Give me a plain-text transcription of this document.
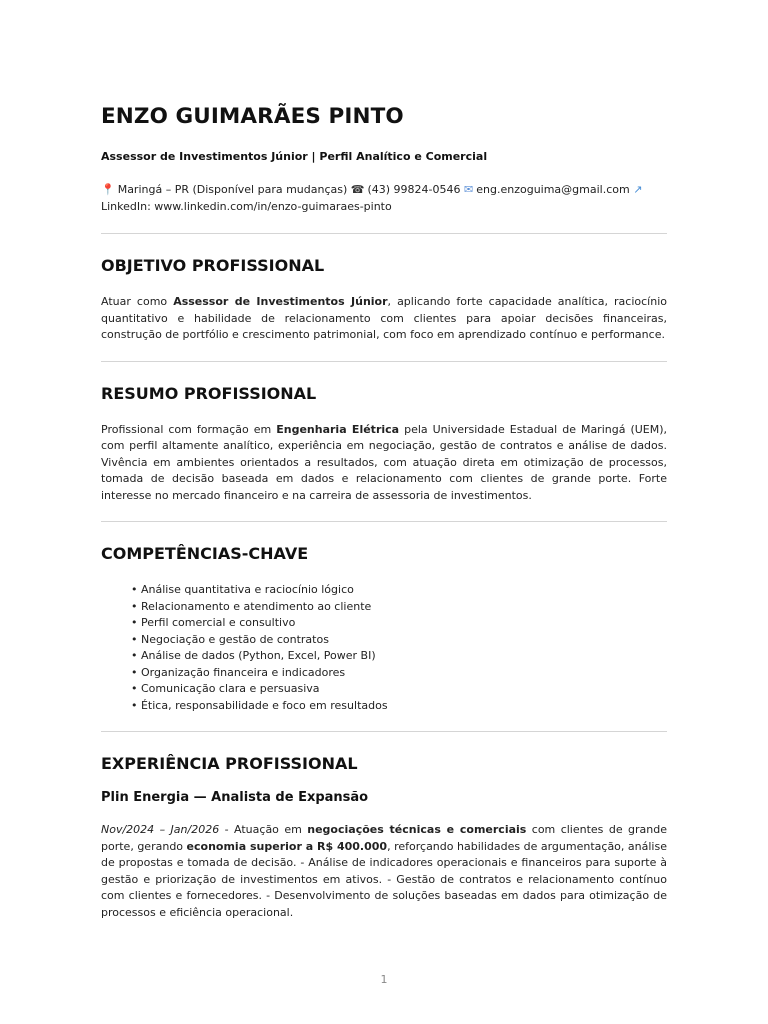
ENZO GUIMARÃES PINTO
Assessor de Investimentos Júnior | Perfil Analítico e Comercial
📍 Maringá – PR (Disponível para mudanças) ☎ (43) 99824-0546 ✉ eng.enzoguima@gmail.com ↗
LinkedIn: www.linkedin.com/in/enzo-guimaraes-pinto
OBJETIVO PROFISSIONAL

Atuar como Assessor de Investimentos Júnior, aplicando forte capacidade analítica, raciocínio quantitativo e habilidade de relacionamento com clientes para apoiar decisões financeiras, construção de portfólio e crescimento patrimonial, com foco em aprendizado contínuo e performance.

RESUMO PROFISSIONAL

Profissional com formação em Engenharia Elétrica pela Universidade Estadual de Maringá (UEM), com perfil altamente analítico, experiência em negociação, gestão de contratos e análise de dados. Vivência em ambientes orientados a resultados, com atuação direta em otimização de processos, tomada de decisão baseada em dados e relacionamento com clientes de grande porte. Forte interesse no mercado financeiro e na carreira de assessoria de investimentos.

COMPETÊNCIAS-CHAVE
• Análise quantitativa e raciocínio lógico
• Relacionamento e atendimento ao cliente
• Perfil comercial e consultivo
• Negociação e gestão de contratos
• Análise de dados (Python, Excel, Power BI)
• Organização financeira e indicadores
• Comunicação clara e persuasiva
• Ética, responsabilidade e foco em resultados
EXPERIÊNCIA PROFISSIONAL
Plin Energia — Analista de Expansão

Nov/2024 – Jan/2026 - Atuação em negociações técnicas e comerciais com clientes de grande porte, gerando economia superior a R$ 400.000, reforçando habilidades de argumentação, análise de propostas e tomada de decisão. - Análise de indicadores operacionais e financeiros para suporte à gestão e priorização de investimentos em ativos. - Gestão de contratos e relacionamento contínuo com clientes e fornecedores. - Desenvolvimento de soluções baseadas em dados para otimização de processos e eficiência operacional.

1
